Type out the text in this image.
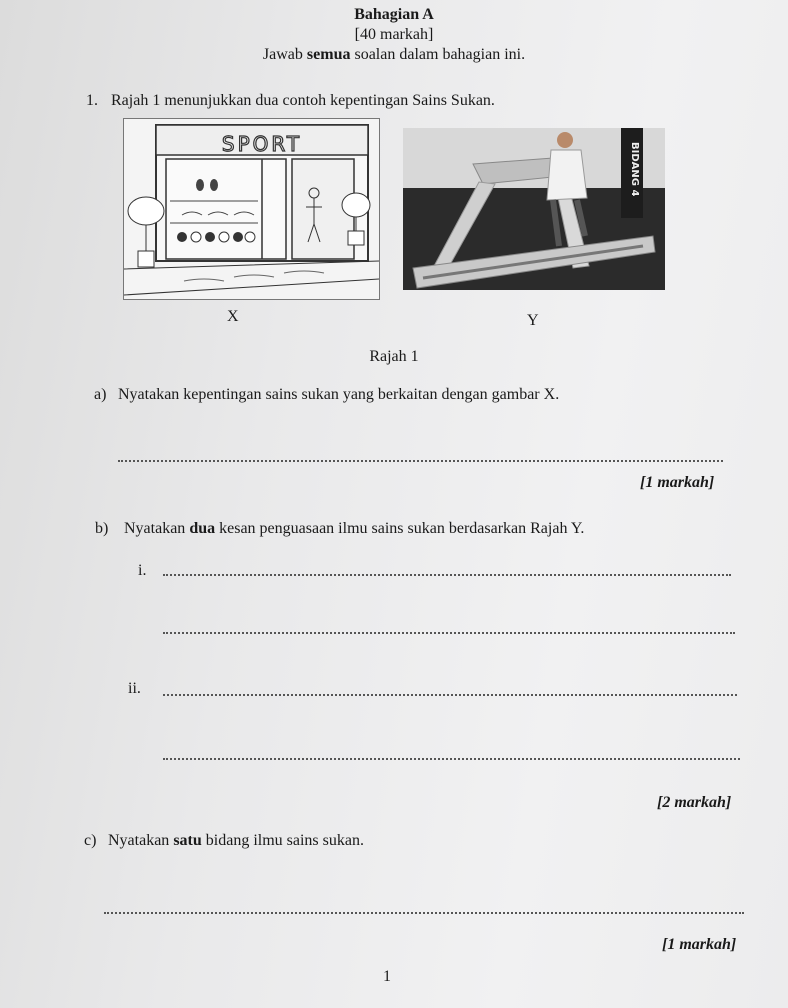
Bahagian A
[40 markah]
Jawab semua soalan dalam bahagian ini.
1. Rajah 1 menunjukkan dua contoh kepentingan Sains Sukan.
SPORT	BIDANG 4
X	Y
Rajah 1
a) Nyatakan kepentingan sains sukan yang berkaitan dengan gambar X.
[1 markah]
b) Nyatakan dua kesan penguasaan ilmu sains sukan berdasarkan Rajah Y.
i.
ii.
[2 markah]
c) Nyatakan satu bidang ilmu sains sukan.
[1 markah]
1
